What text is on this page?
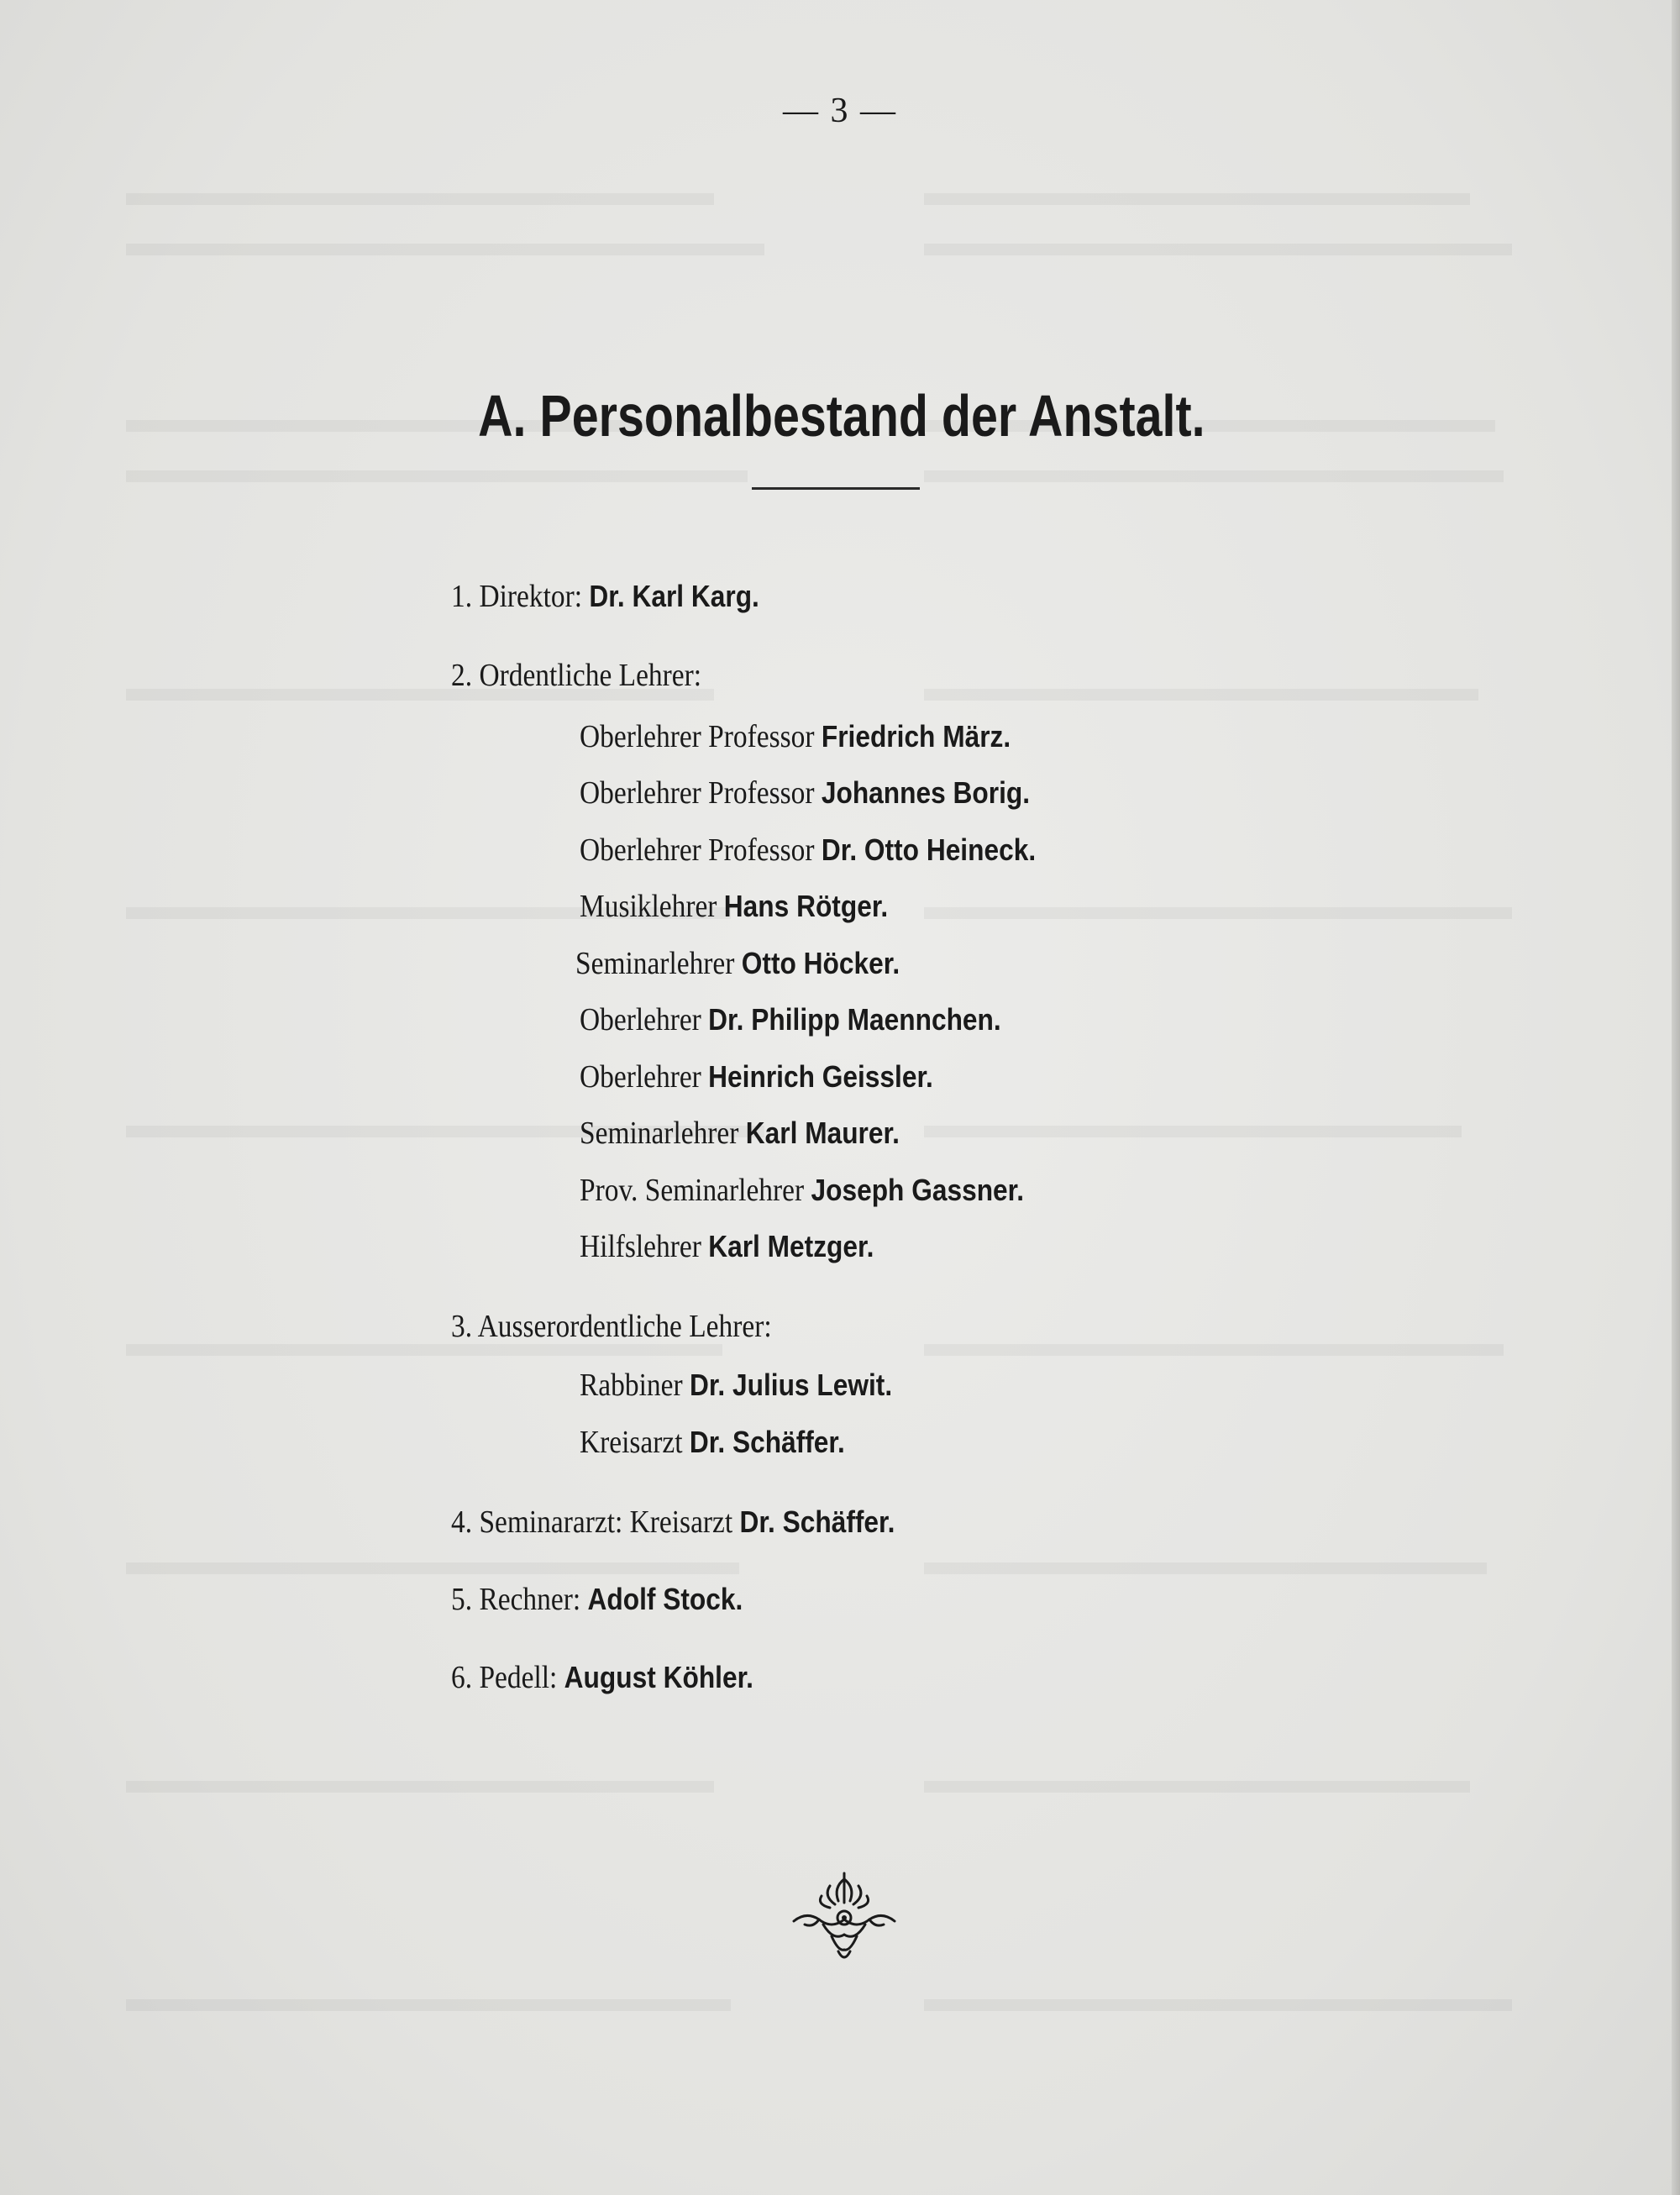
— 3 —
A. Personalbestand der Anstalt.
1. Direktor: Dr. Karl Karg.
2. Ordentliche Lehrer:
Oberlehrer Professor Friedrich März.
Oberlehrer Professor Johannes Borig.
Oberlehrer Professor Dr. Otto Heineck.
Musiklehrer Hans Rötger.
Seminarlehrer Otto Höcker.
Oberlehrer Dr. Philipp Maennchen.
Oberlehrer Heinrich Geissler.
Seminarlehrer Karl Maurer.
Prov. Seminarlehrer Joseph Gassner.
Hilfslehrer Karl Metzger.
3. Ausserordentliche Lehrer:
Rabbiner Dr. Julius Lewit.
Kreisarzt Dr. Schäffer.
4. Seminararzt: Kreisarzt Dr. Schäffer.
5. Rechner: Adolf Stock.
6. Pedell: August Köhler.
